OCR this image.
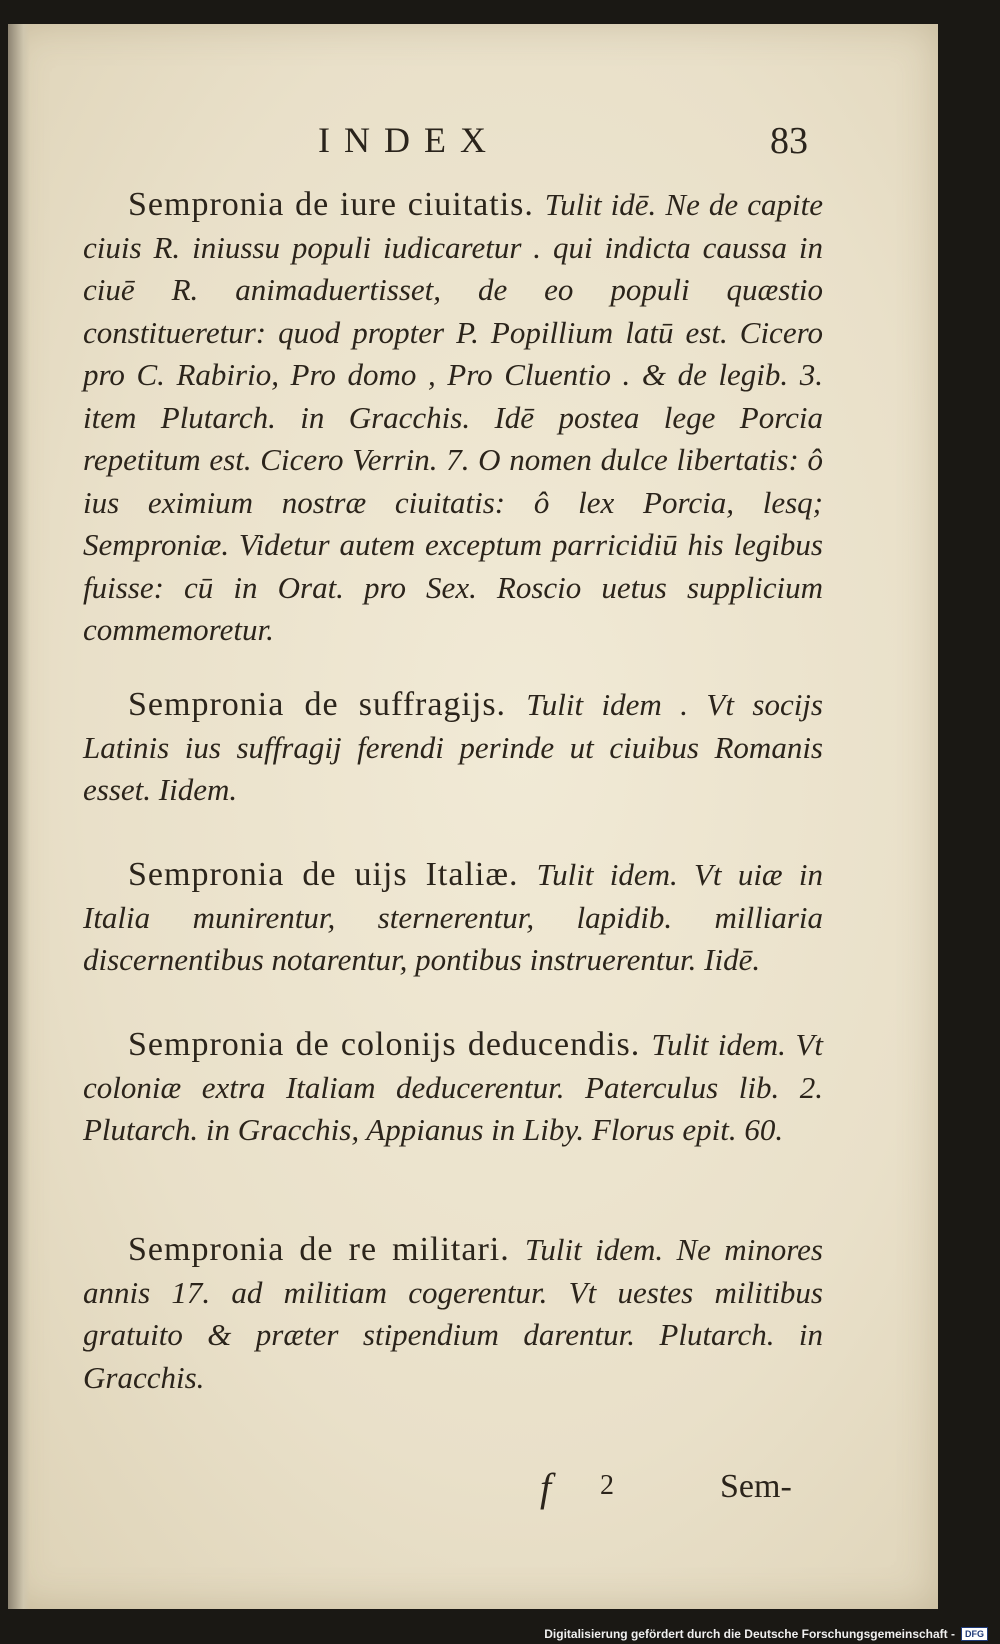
INDEX	83
Sempronia de iure ciuitatis. Tulit idē. Ne de capite ciuis R. iniussu populi iudicaretur . qui indicta caussa in ciuē R. animaduertisset, de eo populi quæstio constitueretur: quod propter P. Popillium latū est. Cicero pro C. Rabirio, Pro domo , Pro Cluentio . & de legib. 3. item Plutarch. in Gracchis. Idē postea lege Porcia repetitum est. Cicero Verrin. 7. O nomen dulce libertatis: ô ius eximium nostræ ciuitatis: ô lex Porcia, lesq; Semproniæ. Videtur autem exceptum parricidiū his legibus fuisse: cū in Orat. pro Sex. Roscio uetus supplicium commemoretur.
Sempronia de suffragijs. Tulit idem . Vt socijs Latinis ius suffragij ferendi perinde ut ciuibus Romanis esset. Iidem.
Sempronia de uijs Italiæ. Tulit idem. Vt uiæ in Italia munirentur, sternerentur, lapidib. milliaria discernentibus notarentur, pontibus instruerentur. Iidē.
Sempronia de colonijs deducendis. Tulit idem. Vt coloniæ extra Italiam deducerentur. Paterculus lib. 2. Plutarch. in Gracchis, Appianus in Liby. Florus epit. 60.
Sempronia de re militari. Tulit idem. Ne minores annis 17. ad militiam cogerentur. Vt uestes militibus gratuito & præter stipendium darentur. Plutarch. in Gracchis.
f 2	Sem-
Digitalisierung gefördert durch die Deutsche Forschungsgemeinschaft -	DFG
